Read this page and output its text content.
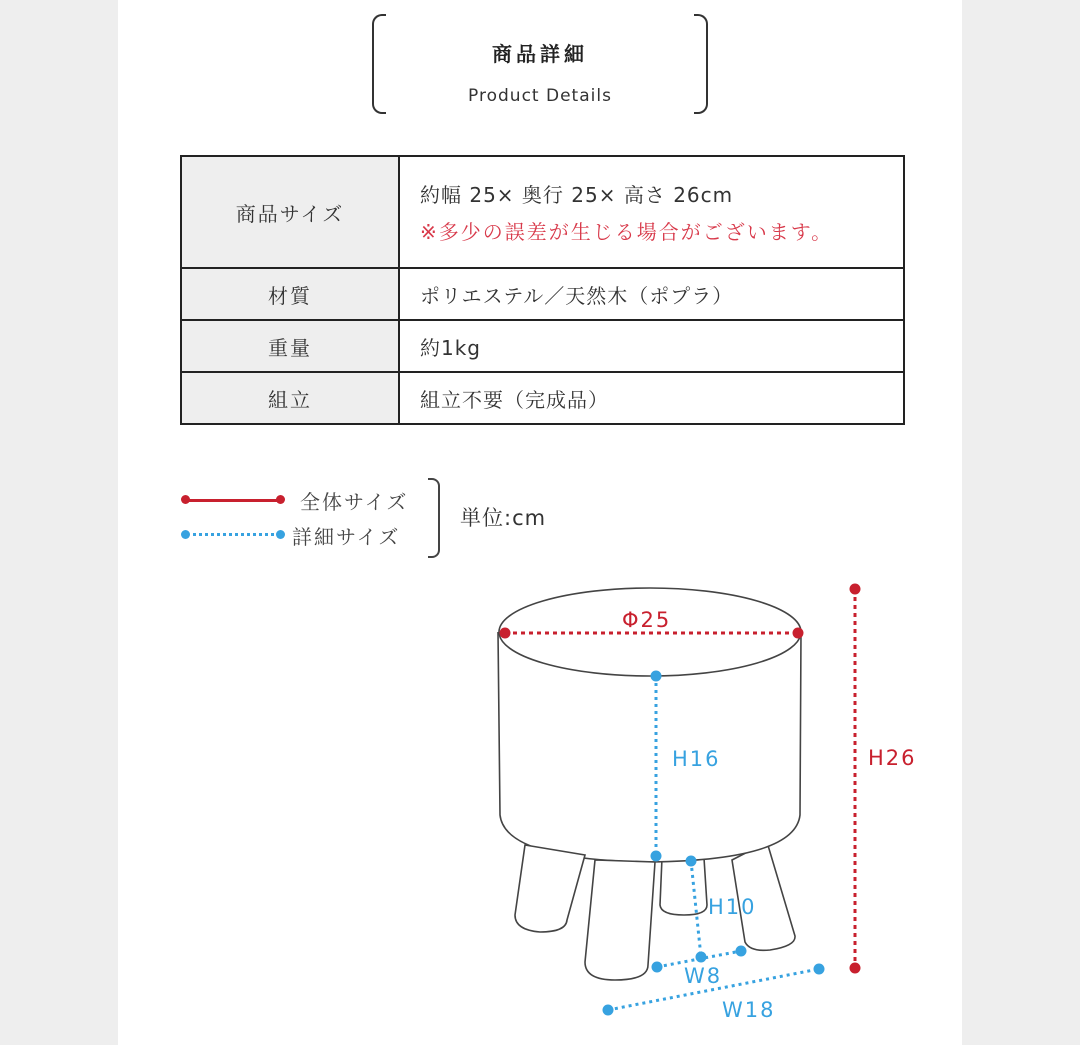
商品詳細
Product Details
商品サイズ	約幅 25× 奥行 25× 高さ 26cm
※多少の誤差が生じる場合がございます。

材質	ポリエステル／天然木（ポプラ）
重量	約1kg
組立	組立不要（完成品）
全体サイズ
詳細サイズ
単位:cm
Φ25
H26
H16
H10
W8
W18
